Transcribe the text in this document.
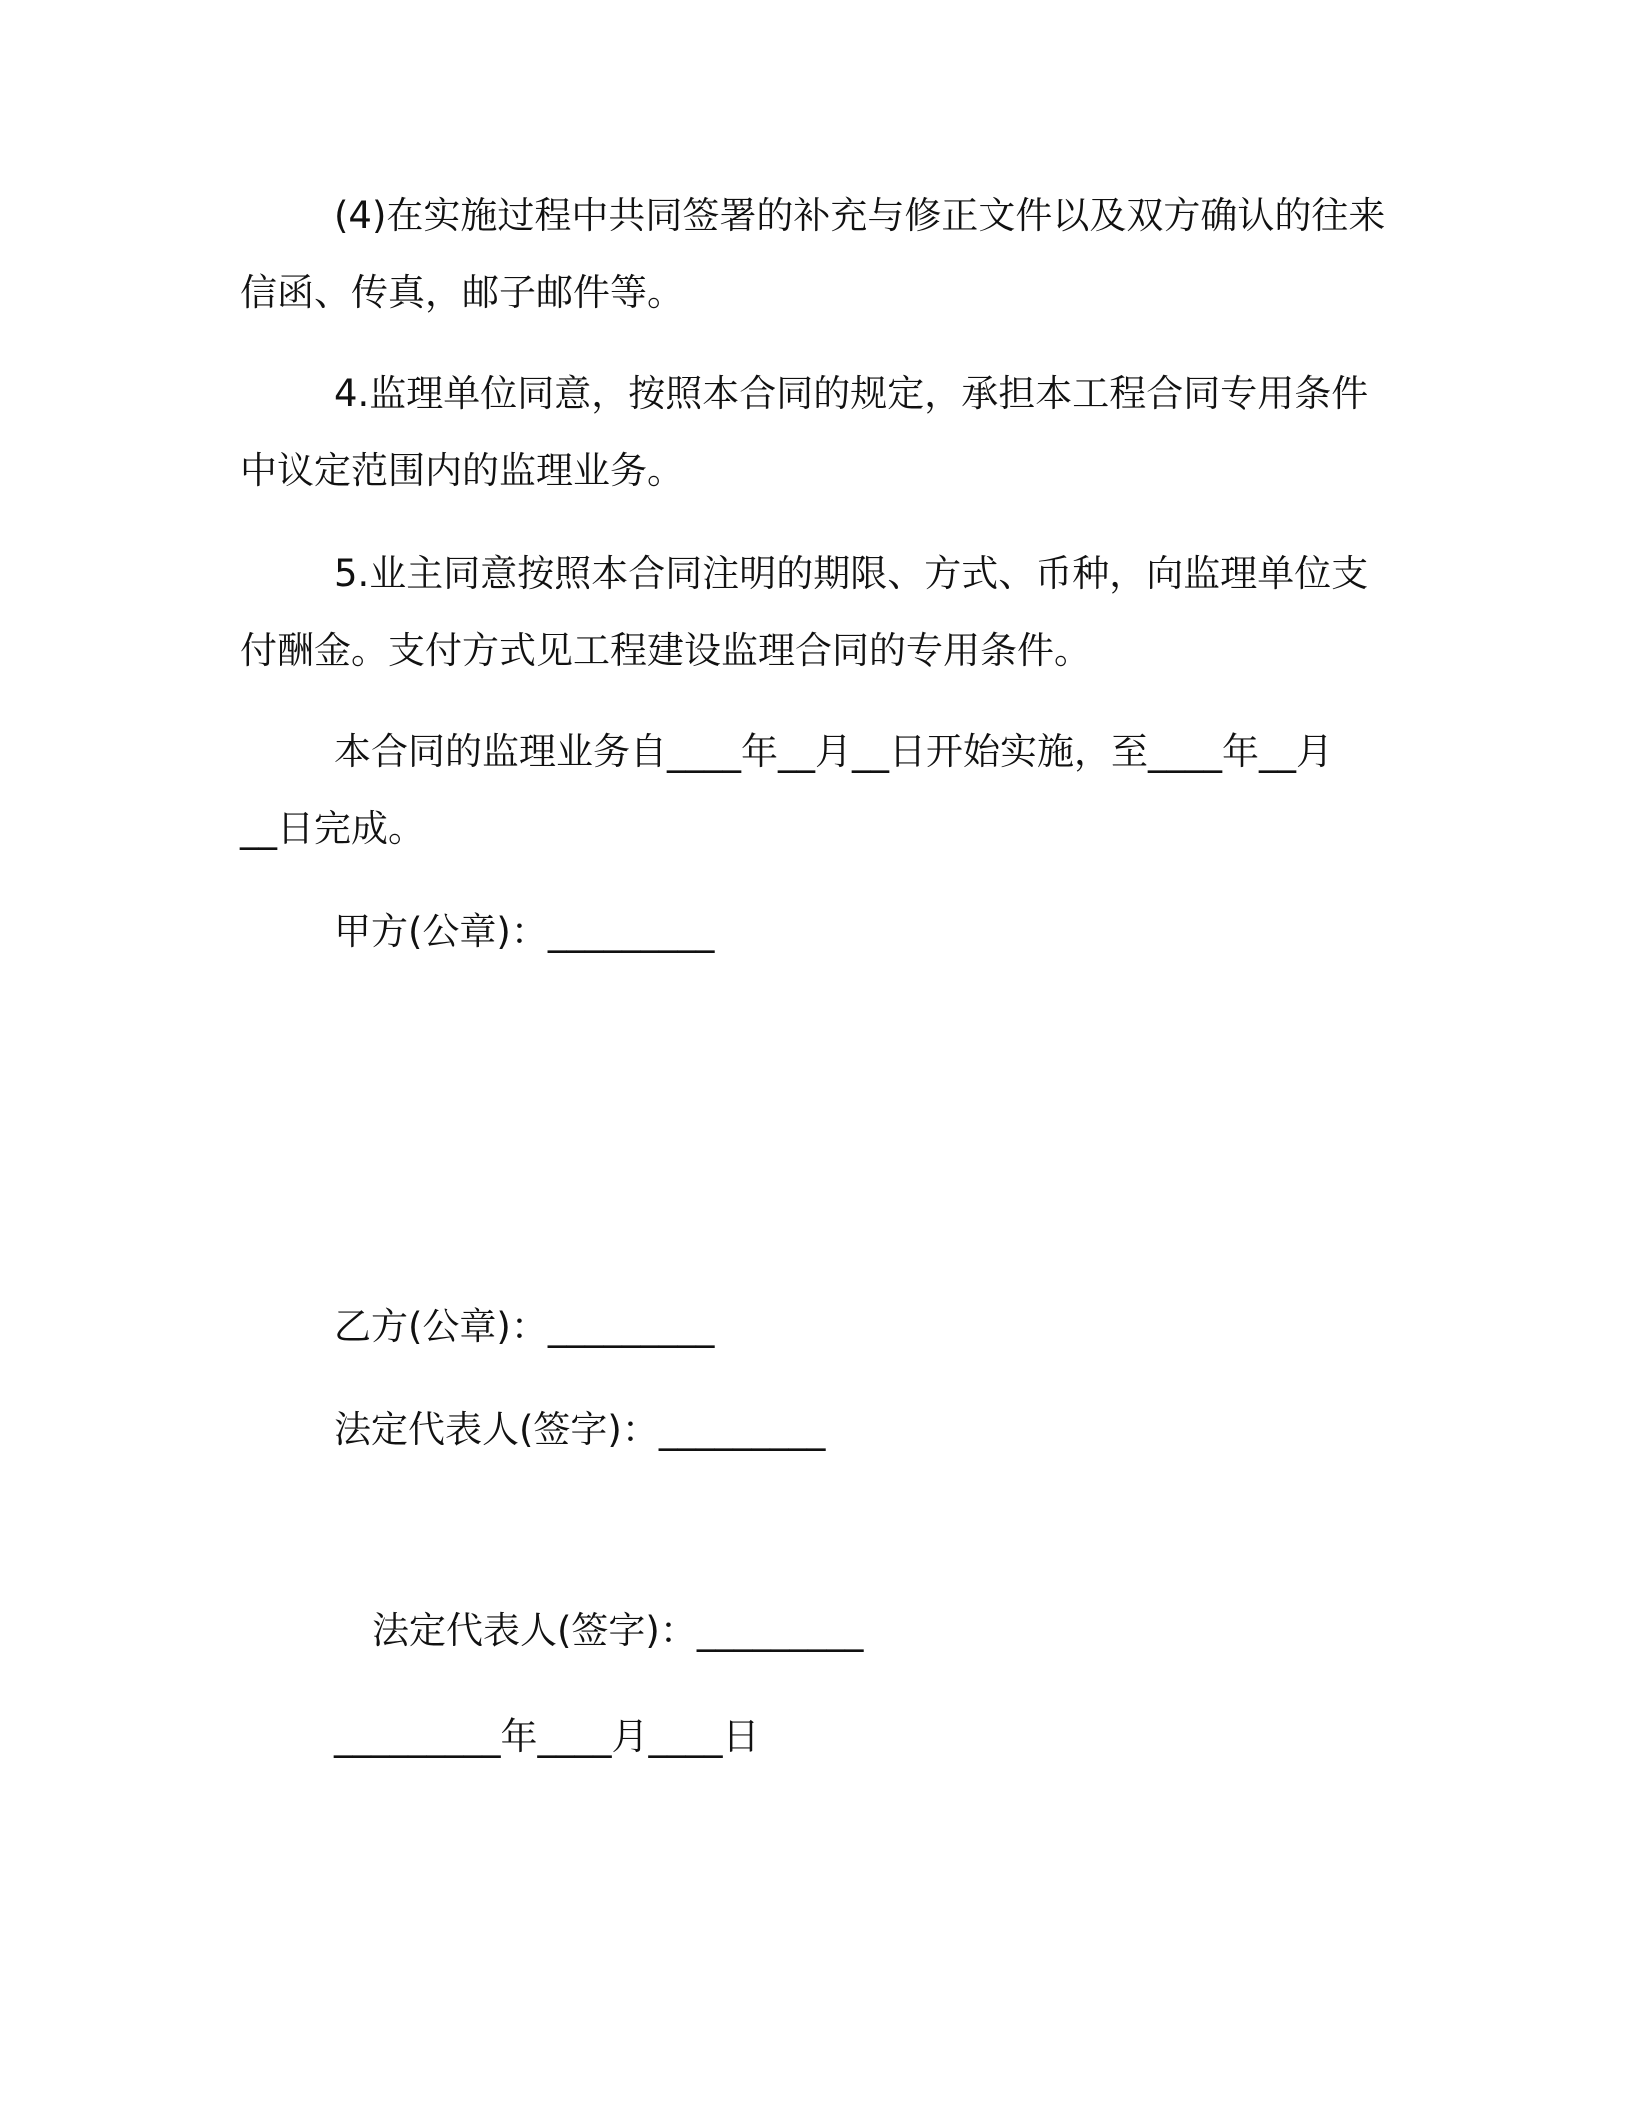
(4)在实施过程中共同签署的补充与修正文件以及双方确认的往来

信函、传真，邮子邮件等。

4.监理单位同意，按照本合同的规定，承担本工程合同专用条件

中议定范围内的监理业务。

5.业主同意按照本合同注明的期限、方式、币种，向监理单位支

付酬金。支付方式见工程建设监理合同的专用条件。

本合同的监理业务自____年__月__日开始实施，至____年__月

__日完成。

甲方(公章)：_________

乙方(公章)：_________

法定代表人(签字)：_________

法定代表人(签字)：_________

_________年____月____日
